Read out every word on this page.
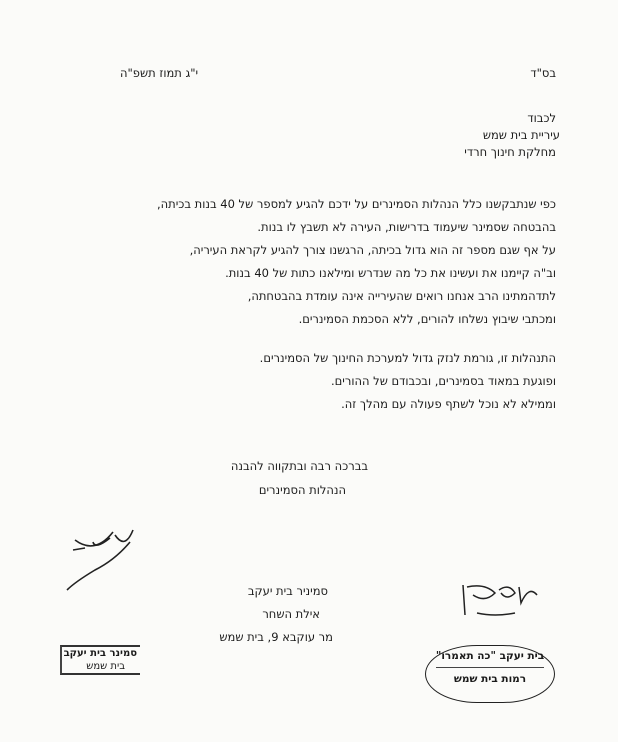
בס"ד
י"ג תמוז תשפ"ה
לכבוד
עיריית בית שמש
מחלקת חינוך חרדי
כפי שנתבקשנו כלל הנהלות הסמינרים על ידכם להגיע למספר של 40 בנות בכיתה,
בהבטחה שסמינר שיעמוד בדרישות, העירה לא תשבץ לו בנות.
על אף שגם מספר זה הוא גדול בכיתה, הרגשנו צורך להגיע לקראת העיריה,
וב"ה קיימנו את ועשינו את כל מה שנדרש ומילאנו כתות של 40 בנות.
לתדהמתינו הרב אנחנו רואים שהעירייה אינה עומדת בהבטחתה,
ומכתבי שיבוץ נשלחו להורים, ללא הסכמת הסמינרים.
התנהלות זו, גורמת לנזק גדול למערכת החינוך של הסמינרים.
ופוגעת במאוד בסמינרים, ובכבודם של ההורים.
וממילא לא נוכל לשתף פעולה עם מהלך זה.
בברכה רבה ובתקווה להבנה
הנהלות הסמינרים
סמיניר בית יעקב
אילת השחר
מר עוקבא 9, בית שמש
סמינר בית יעקב
בית שמש
בית יעקב "כה תאמרו"
רמות בית שמש
